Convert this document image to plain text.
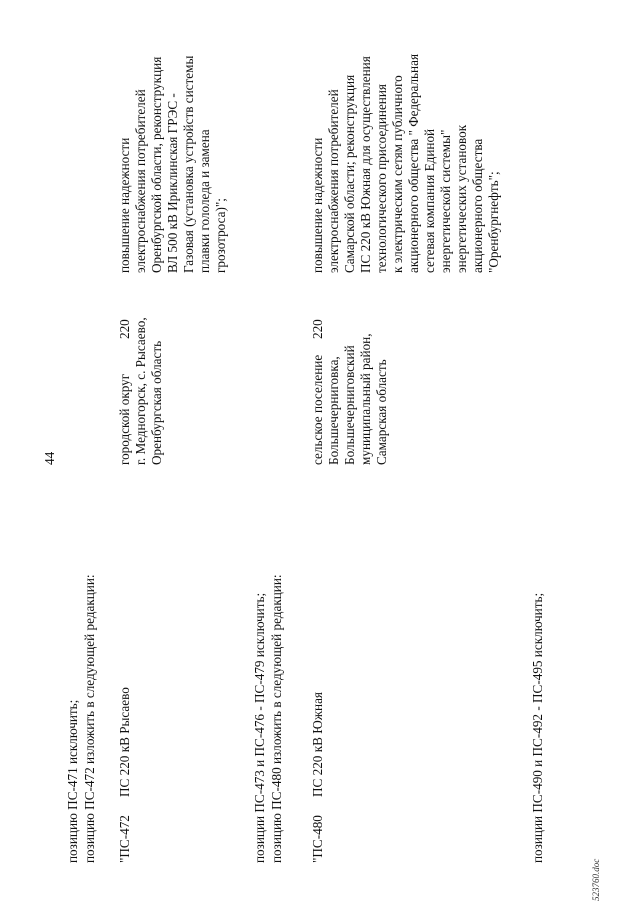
44
позицию ПС-471 исключить; позицию ПС-472 изложить в следующей редакции: "ПС-472
ПС 220 кВ Рысаево
городской округ г. Медногорск, с. Рысаево, Оренбургская область
220
повышение надежности электроснабжения потребителей Оренбургской области, реконструкция ВЛ 500 кВ Ириклинская ГРЭС - Газовая (установка устройств системы плавки гололеда и замена грозотроса)";
позиции ПС-473 и ПС-476 - ПС-479 исключить; позицию ПС-480 изложить в следующей редакции: "ПС-480
ПС 220 кВ Южная
сельское поселение Большечерниговка, Большечерниговский муниципальный район, Самарская область
220
повышение надежности электроснабжения потребителей Самарской области; реконструкция ПС 220 кВ Южная для осуществления технологического присоединения к электрическим сетям публичного акционерного общества " Федеральная сетевая компания Единой энергетической системы" энергетических установок акционерного общества "Оренбургнефть";
позиции ПС-490 и ПС-492 - ПС-495 исключить;
523760.doc
